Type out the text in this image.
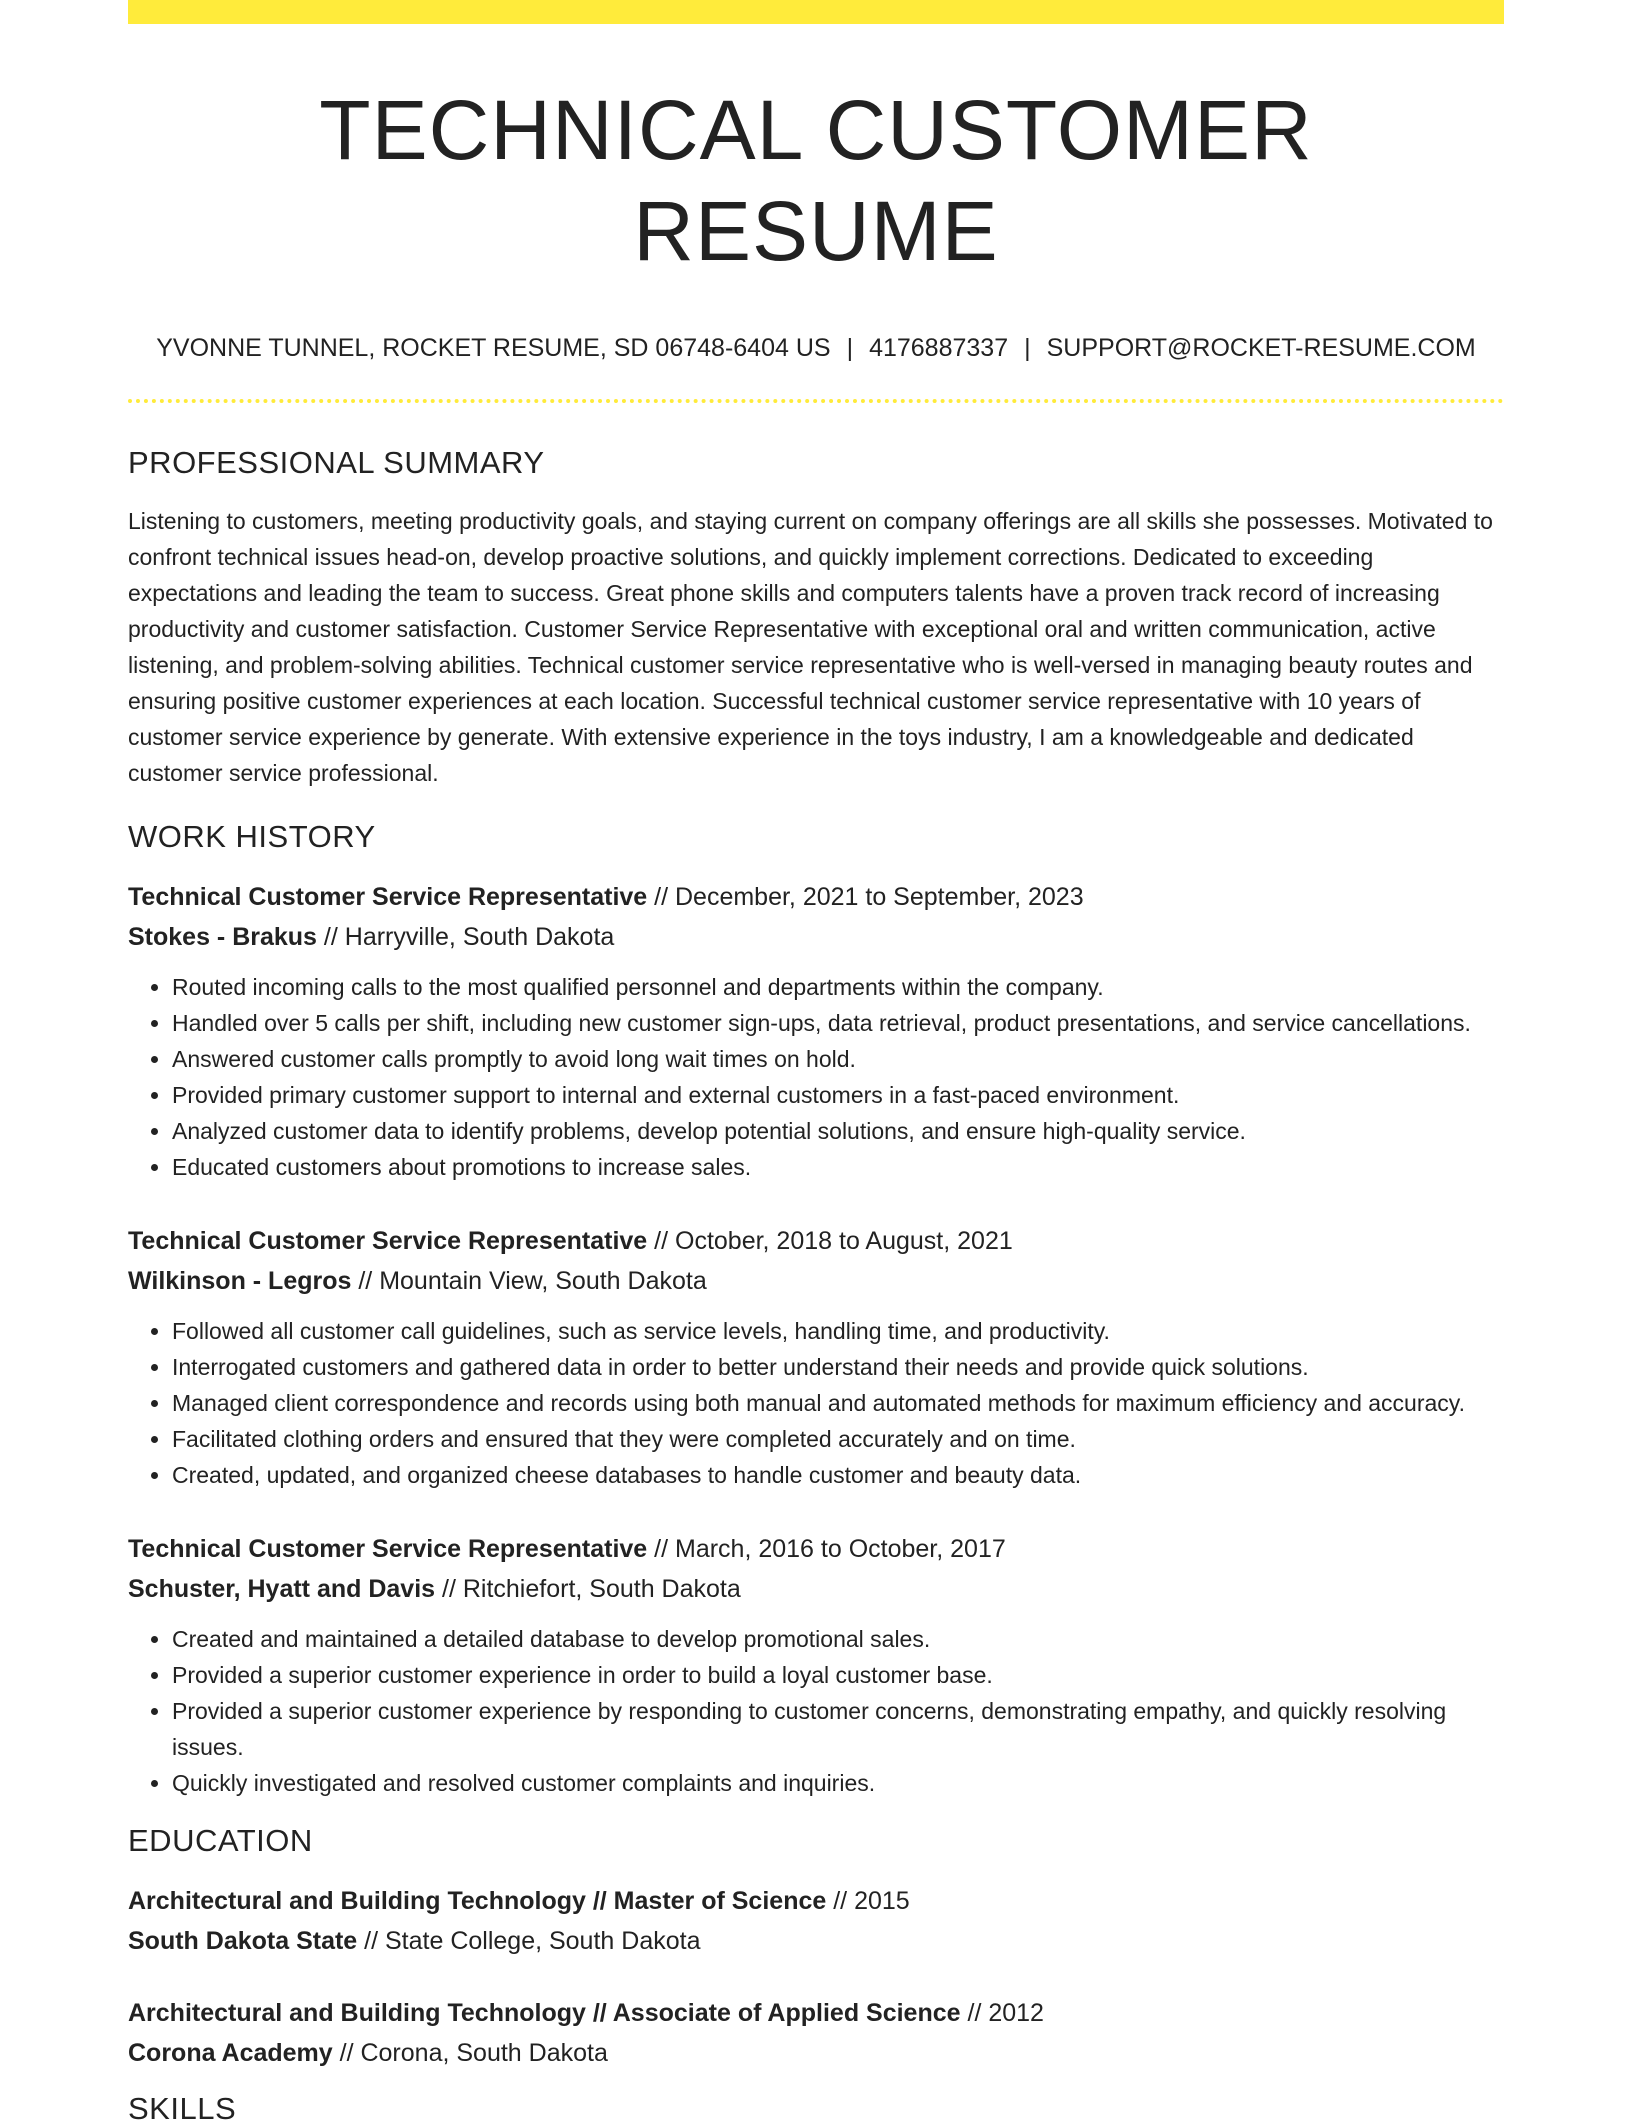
TECHNICAL CUSTOMER RESUME
YVONNE TUNNEL, ROCKET RESUME, SD 06748-6404 US | 4176887337 | SUPPORT@ROCKET-RESUME.COM
PROFESSIONAL SUMMARY
Listening to customers, meeting productivity goals, and staying current on company offerings are all skills she possesses. Motivated to confront technical issues head-on, develop proactive solutions, and quickly implement corrections. Dedicated to exceeding expectations and leading the team to success. Great phone skills and computers talents have a proven track record of increasing productivity and customer satisfaction. Customer Service Representative with exceptional oral and written communication, active listening, and problem-solving abilities. Technical customer service representative who is well-versed in managing beauty routes and ensuring positive customer experiences at each location. Successful technical customer service representative with 10 years of customer service experience by generate. With extensive experience in the toys industry, I am a knowledgeable and dedicated customer service professional.
WORK HISTORY
Technical Customer Service Representative // December, 2021 to September, 2023
Stokes - Brakus // Harryville, South Dakota
• Routed incoming calls to the most qualified personnel and departments within the company.
• Handled over 5 calls per shift, including new customer sign-ups, data retrieval, product presentations, and service cancellations.
• Answered customer calls promptly to avoid long wait times on hold.
• Provided primary customer support to internal and external customers in a fast-paced environment.
• Analyzed customer data to identify problems, develop potential solutions, and ensure high-quality service.
• Educated customers about promotions to increase sales.
Technical Customer Service Representative // October, 2018 to August, 2021
Wilkinson - Legros // Mountain View, South Dakota
• Followed all customer call guidelines, such as service levels, handling time, and productivity.
• Interrogated customers and gathered data in order to better understand their needs and provide quick solutions.
• Managed client correspondence and records using both manual and automated methods for maximum efficiency and accuracy.
• Facilitated clothing orders and ensured that they were completed accurately and on time.
• Created, updated, and organized cheese databases to handle customer and beauty data.
Technical Customer Service Representative // March, 2016 to October, 2017
Schuster, Hyatt and Davis // Ritchiefort, South Dakota
• Created and maintained a detailed database to develop promotional sales.
• Provided a superior customer experience in order to build a loyal customer base.
• Provided a superior customer experience by responding to customer concerns, demonstrating empathy, and quickly resolving issues.
• Quickly investigated and resolved customer complaints and inquiries.
EDUCATION
Architectural and Building Technology // Master of Science // 2015
South Dakota State // State College, South Dakota
Architectural and Building Technology // Associate of Applied Science // 2012
Corona Academy // Corona, South Dakota
SKILLS
